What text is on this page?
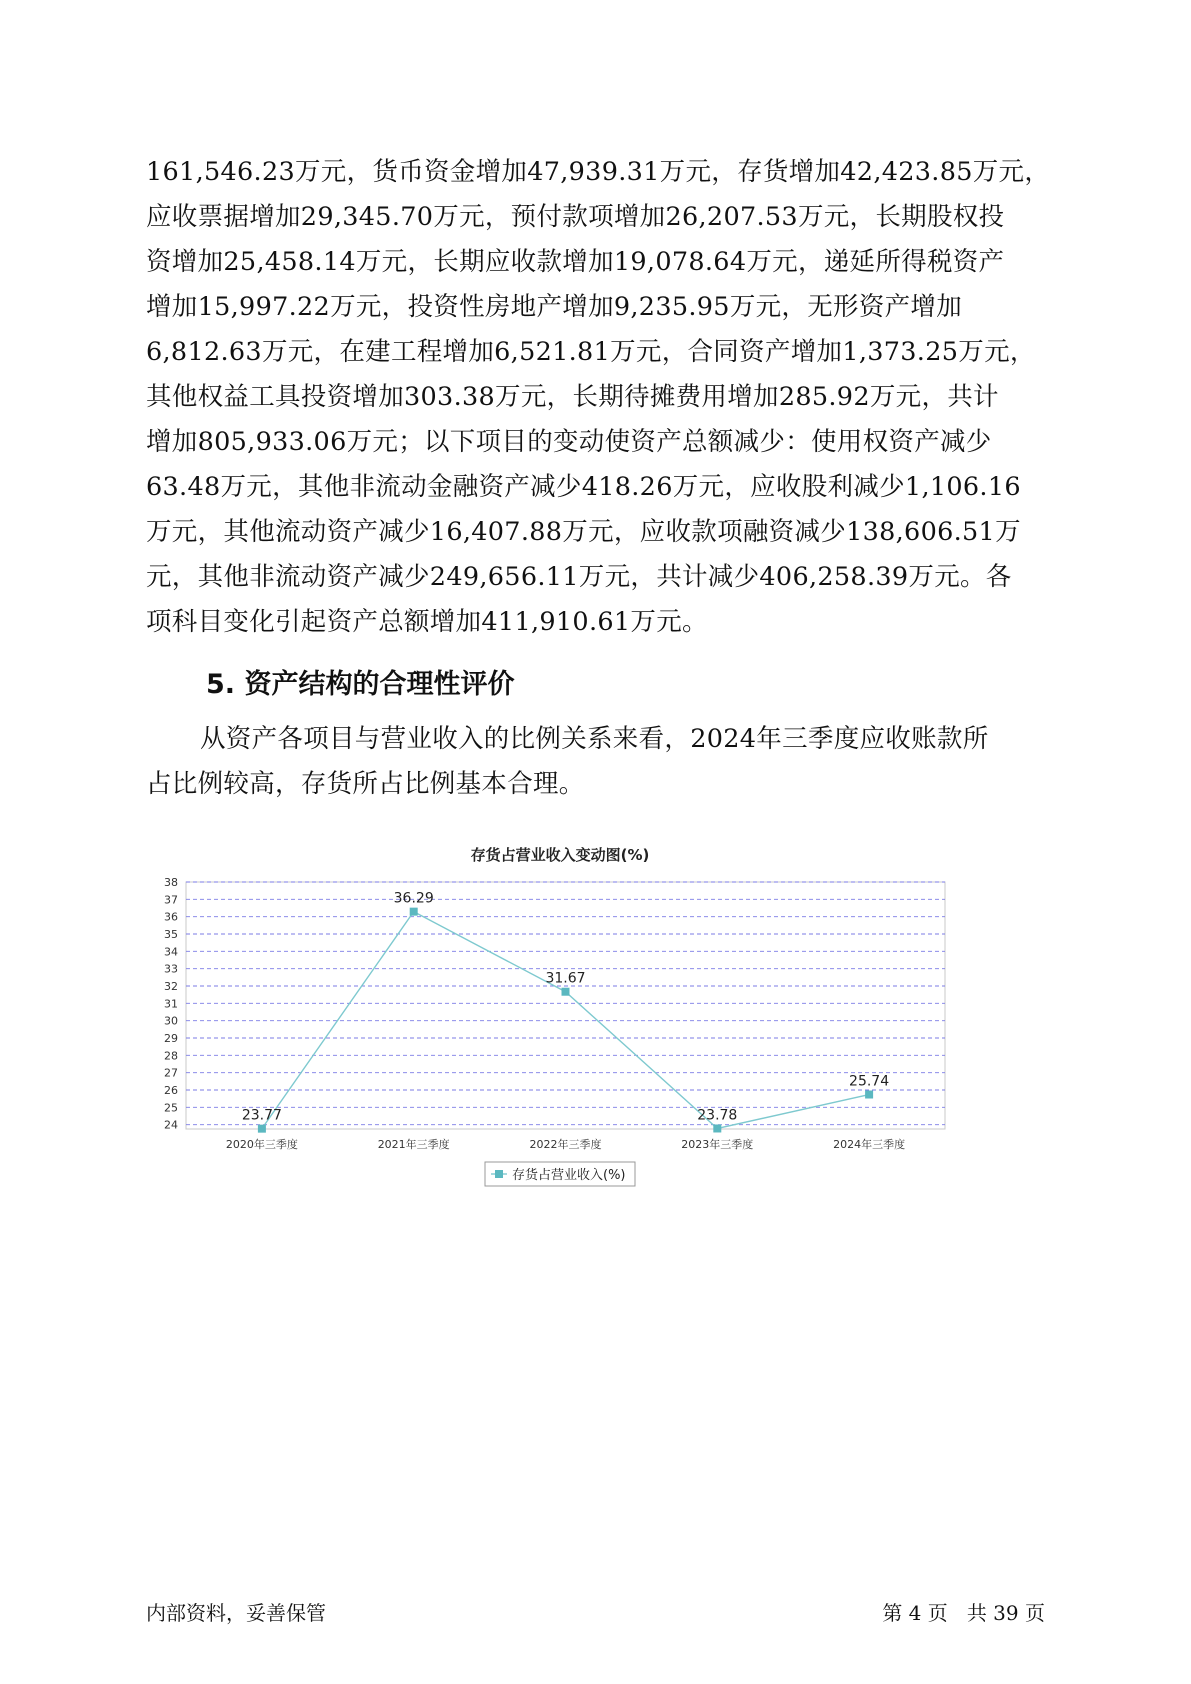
161,546.23万元，货币资金增加47,939.31万元，存货增加42,423.85万元，

应收票据增加29,345.70万元，预付款项增加26,207.53万元，长期股权投

资增加25,458.14万元，长期应收款增加19,078.64万元，递延所得税资产

增加15,997.22万元，投资性房地产增加9,235.95万元，无形资产增加

6,812.63万元，在建工程增加6,521.81万元，合同资产增加1,373.25万元，

其他权益工具投资增加303.38万元，长期待摊费用增加285.92万元，共计

增加805,933.06万元；以下项目的变动使资产总额减少：使用权资产减少

63.48万元，其他非流动金融资产减少418.26万元，应收股利减少1,106.16

万元，其他流动资产减少16,407.88万元，应收款项融资减少138,606.51万

元，其他非流动资产减少249,656.11万元，共计减少406,258.39万元。各

项科目变化引起资产总额增加411,910.61万元。

5. 资产结构的合理性评价

从资产各项目与营业收入的比例关系来看，2024年三季度应收账款所

占比例较高，存货所占比例基本合理。

存货占营业收入变动图(%)
24
25
26
27
28
29
30
31
32
33
34
35
36
37
38
2020年三季度	2021年三季度	2022年三季度	2023年三季度	2024年三季度
23.77
36.29
31.67
23.78
25.74
存货占营业收入(%)
内部资料，妥善保管	第 4 页   共 39 页
